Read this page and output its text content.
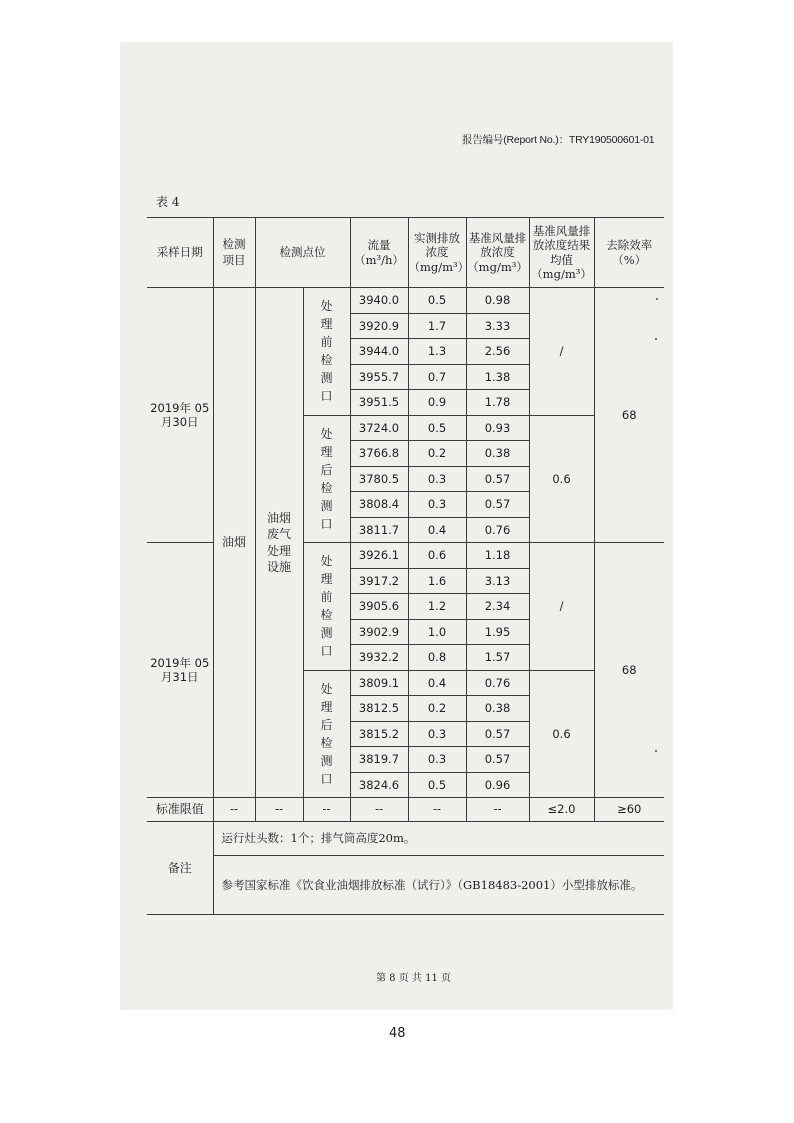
报告编号(Report No.)：TRY190500601-01
表 4
采样日期	检测项目	检测点位		流量（m³/h）	实测排放浓度（mg/m³）	基准风量排放浓度（mg/m³）	基准风量排放浓度结果均值（mg/m³）	去除效率（%）
2019年 05月30日	油烟	油烟废气处理设施	处理前检测口	3940.0	0.5	0.98	/	68
				3920.9	1.7	3.33		
				3944.0	1.3	2.56		
				3955.7	0.7	1.38		
				3951.5	0.9	1.78		
			处理后检测口	3724.0	0.5	0.93	0.6	
				3766.8	0.2	0.38		
				3780.5	0.3	0.57		
				3808.4	0.3	0.57		
				3811.7	0.4	0.76		
2019年 05月31日			处理前检测口	3926.1	0.6	1.18	/	68
				3917.2	1.6	3.13		
				3905.6	1.2	2.34		
				3902.9	1.0	1.95		
				3932.2	0.8	1.57		
			处理后检测口	3809.1	0.4	0.76	0.6	
				3812.5	0.2	0.38		
				3815.2	0.3	0.57		
				3819.7	0.3	0.57		
				3824.6	0.5	0.96		
标准限值	--	--	--	--	--	--	≤2.0	≥60
备注	运行灶头数：1个；排气筒高度20m。							
	参考国家标准《饮食业油烟排放标准（试行）》（GB18483-2001）小型排放标准。							
第 8 页 共 11 页
48
